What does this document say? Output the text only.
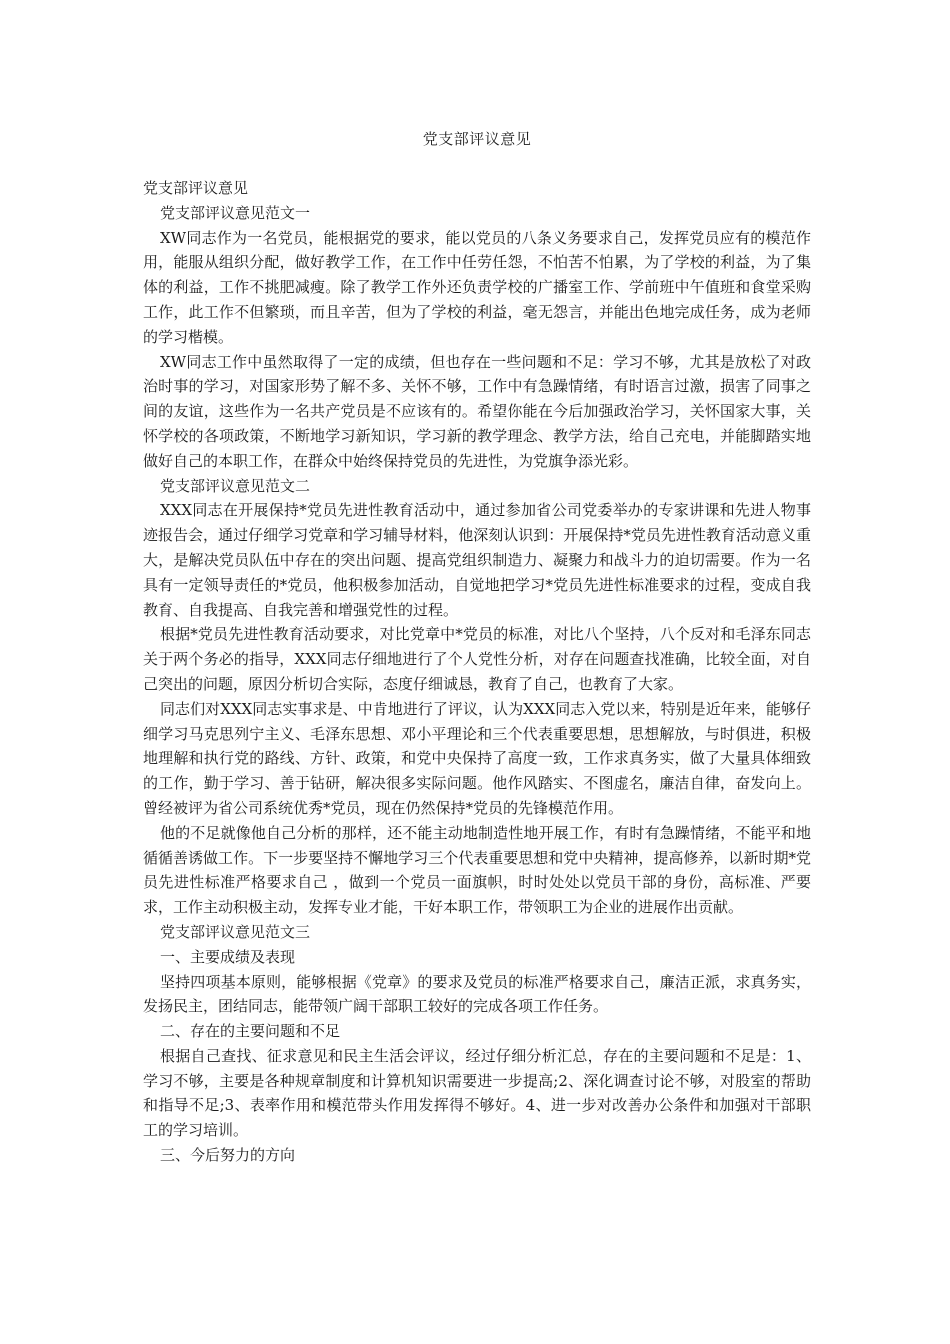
党支部评议意见

党支部评议意见

党支部评议意见范文一

XW同志作为一名党员，能根据党的要求，能以党员的八条义务要求自己，发挥党员应有的模范作用，能服从组织分配，做好教学工作，在工作中任劳任怨，不怕苦不怕累，为了学校的利益，为了集体的利益，工作不挑肥减瘦。除了教学工作外还负责学校的广播室工作、学前班中午值班和食堂采购工作，此工作不但繁琐，而且辛苦，但为了学校的利益，毫无怨言，并能出色地完成任务，成为老师的学习楷模。

XW同志工作中虽然取得了一定的成绩，但也存在一些问题和不足：学习不够，尤其是放松了对政治时事的学习，对国家形势了解不多、关怀不够，工作中有急躁情绪，有时语言过激，损害了同事之间的友谊，这些作为一名共产党员是不应该有的。希望你能在今后加强政治学习，关怀国家大事，关怀学校的各项政策，不断地学习新知识，学习新的教学理念、教学方法，给自己充电，并能脚踏实地做好自己的本职工作，在群众中始终保持党员的先进性，为党旗争添光彩。

党支部评议意见范文二

XXX同志在开展保持*党员先进性教育活动中，通过参加省公司党委举办的专家讲课和先进人物事迹报告会，通过仔细学习党章和学习辅导材料，他深刻认识到：开展保持*党员先进性教育活动意义重大，是解决党员队伍中存在的突出问题、提高党组织制造力、凝聚力和战斗力的迫切需要。作为一名具有一定领导责任的*党员，他积极参加活动，自觉地把学习*党员先进性标准要求的过程，变成自我教育、自我提高、自我完善和增强党性的过程。

根据*党员先进性教育活动要求，对比党章中*党员的标准，对比八个坚持，八个反对和毛泽东同志关于两个务必的指导，XXX同志仔细地进行了个人党性分析，对存在问题查找准确，比较全面，对自己突出的问题，原因分析切合实际，态度仔细诚恳，教育了自己，也教育了大家。

同志们对XXX同志实事求是、中肯地进行了评议，认为XXX同志入党以来，特别是近年来，能够仔细学习马克思列宁主义、毛泽东思想、邓小平理论和三个代表重要思想，思想解放，与时俱进，积极地理解和执行党的路线、方针、政策，和党中央保持了高度一致，工作求真务实，做了大量具体细致的工作，勤于学习、善于钻研，解决很多实际问题。他作风踏实、不图虚名，廉洁自律，奋发向上。曾经被评为省公司系统优秀*党员，现在仍然保持*党员的先锋模范作用。

他的不足就像他自己分析的那样，还不能主动地制造性地开展工作，有时有急躁情绪，不能平和地循循善诱做工作。下一步要坚持不懈地学习三个代表重要思想和党中央精神，提高修养，以新时期*党员先进性标准严格要求自己 ，做到一个党员一面旗帜，时时处处以党员干部的身份，高标准、严要求，工作主动积极主动，发挥专业才能，干好本职工作，带领职工为企业的进展作出贡献。

党支部评议意见范文三

一、主要成绩及表现

坚持四项基本原则，能够根据《党章》的要求及党员的标准严格要求自己，廉洁正派，求真务实，发扬民主，团结同志，能带领广阔干部职工较好的完成各项工作任务。

二、存在的主要问题和不足

根据自己查找、征求意见和民主生活会评议，经过仔细分析汇总，存在的主要问题和不足是：1、学习不够，主要是各种规章制度和计算机知识需要进一步提高;2、深化调查讨论不够，对股室的帮助和指导不足;3、表率作用和模范带头作用发挥得不够好。4、进一步对改善办公条件和加强对干部职工的学习培训。

三、今后努力的方向
